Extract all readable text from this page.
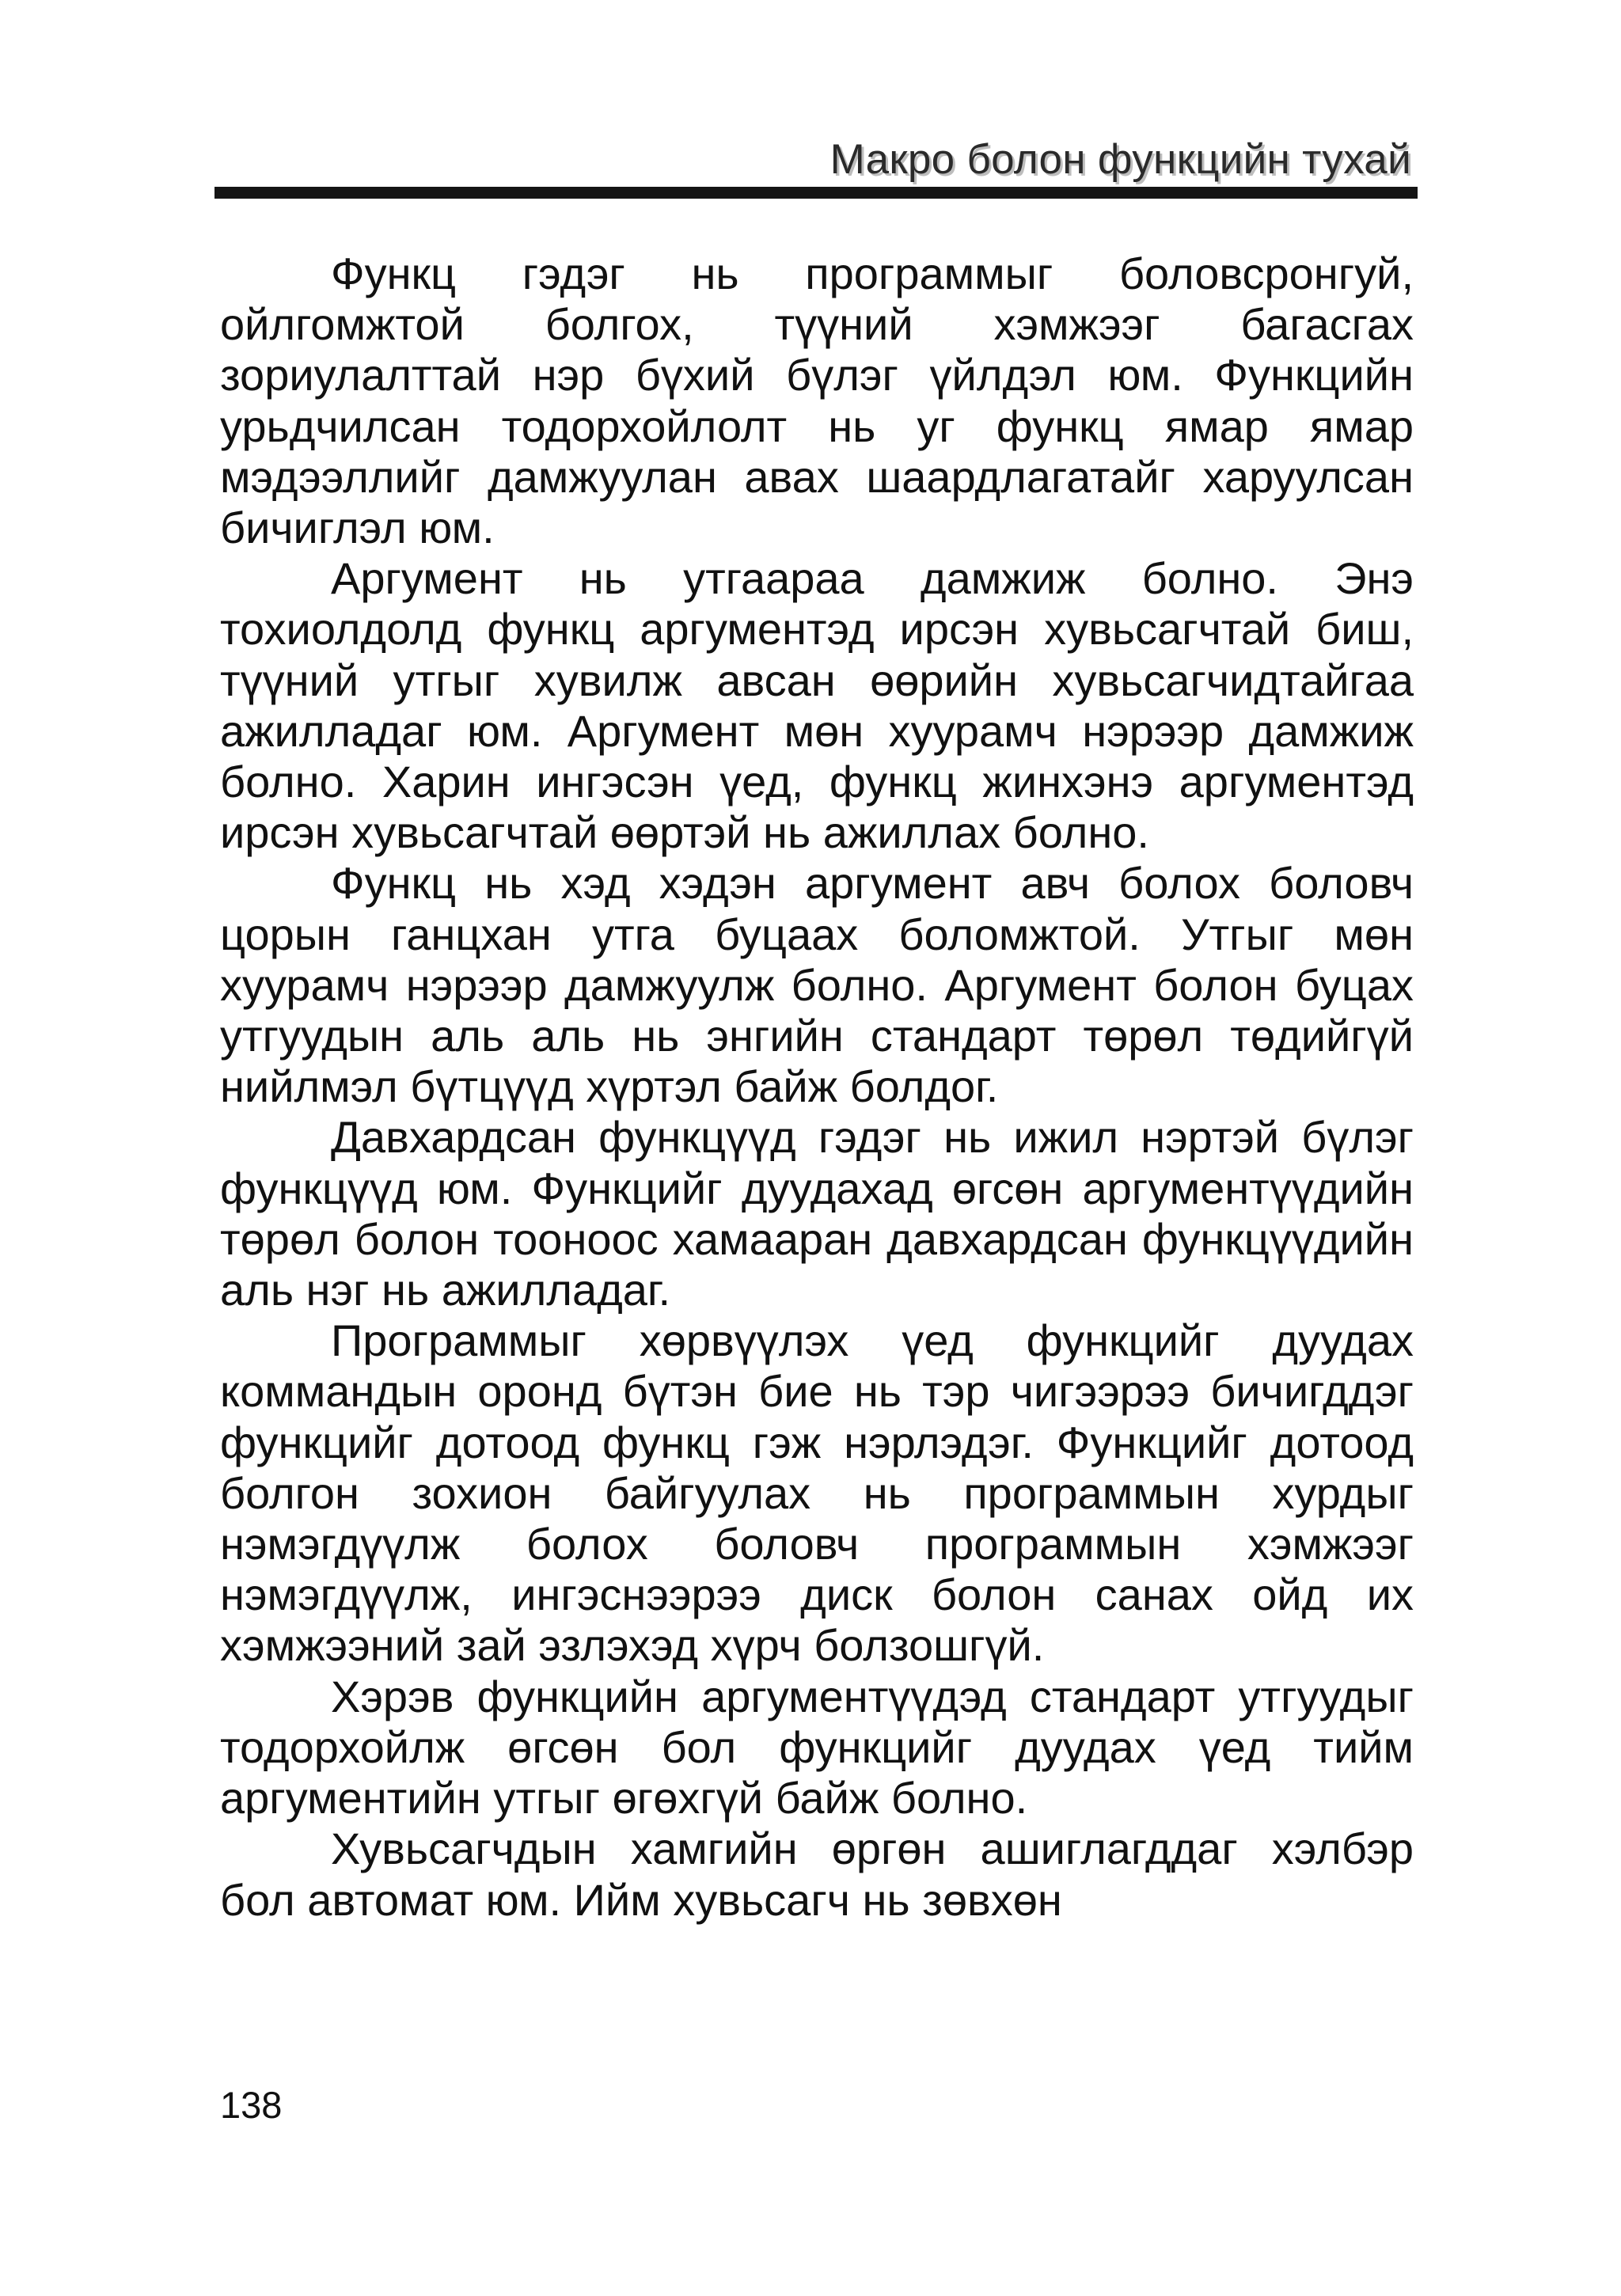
Макро болон функцийн тухай

Функц гэдэг нь программыг боловсронгуй, ойлгомжтой болгох, түүний хэмжээг багасгах зориулалттай нэр бүхий бүлэг үйлдэл юм. Функцийн урьдчилсан тодорхойлолт нь уг функц ямар ямар мэдээллийг дамжуулан авах шаардлагатайг харуулсан бичиглэл юм.

Аргумент нь утгаараа дамжиж болно. Энэ тохиолдолд функц аргументэд ирсэн хувьсагчтай биш, түүний утгыг хувилж авсан өөрийн хувьсагчидтайгаа ажилладаг юм. Аргумент мөн хуурамч нэрээр дамжиж болно. Харин ингэсэн үед, функц жинхэнэ аргументэд ирсэн хувьсагчтай өөртэй нь ажиллах болно.

Функц нь хэд хэдэн аргумент авч болох боловч цорын ганцхан утга буцаах боломжтой. Утгыг мөн хуурамч нэрээр дамжуулж болно. Аргумент болон буцах утгуудын аль аль нь энгийн стандарт төрөл төдийгүй нийлмэл бүтцүүд хүртэл байж болдог.

Давхардсан функцүүд гэдэг нь ижил нэртэй бүлэг функцүүд юм. Функцийг дуудахад өгсөн аргументүүдийн төрөл болон тооноос хамааран давхардсан функцүүдийн аль нэг нь ажилладаг.

Программыг хөрвүүлэх үед функцийг дуудах коммандын оронд бүтэн бие нь тэр чигээрээ бичигддэг функцийг дотоод функц гэж нэрлэдэг. Функцийг дотоод болгон зохион байгуулах нь программын хурдыг нэмэгдүүлж болох боловч программын хэмжээг нэмэгдүүлж, ингэснээрээ диск болон санах ойд их хэмжээний зай эзлэхэд хүрч болзошгүй.

Хэрэв функцийн аргументүүдэд стандарт утгуудыг тодорхойлж өгсөн бол функцийг дуудах үед тийм аргументийн утгыг өгөхгүй байж болно.

Хувьсагчдын хамгийн өргөн ашиглагддаг хэлбэр бол автомат юм. Ийм хувьсагч нь зөвхөн

138
